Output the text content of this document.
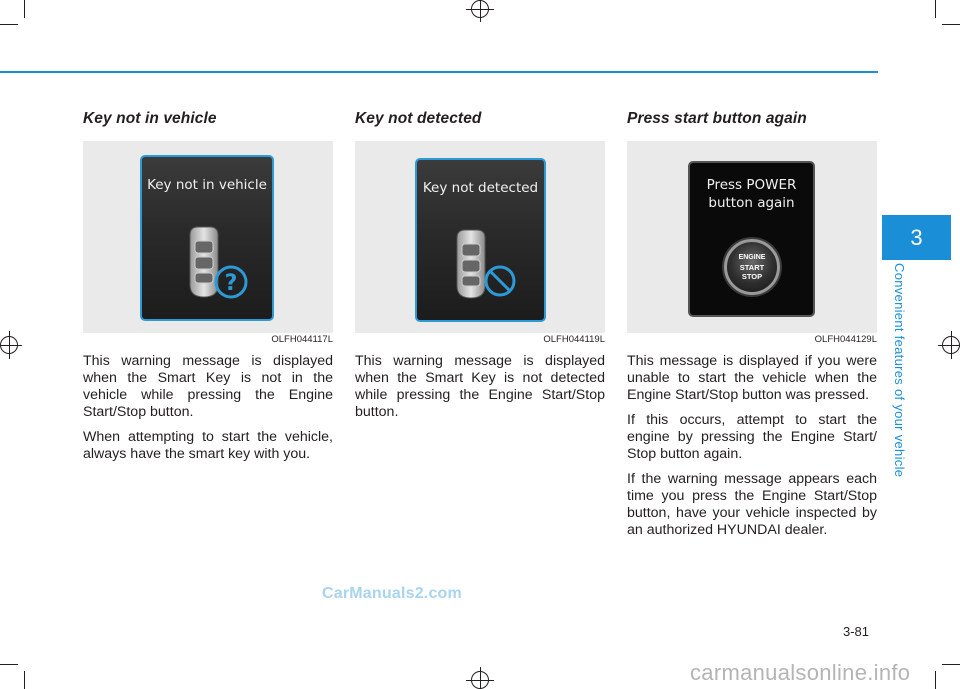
Key not in vehicle
Key not in vehicle
?
OLFH044117L

This warning message is displayed when the Smart Key is not in the vehicle while pressing the Engine Start/Stop button.

When attempting to start the vehicle, always have the smart key with you.

Key not detected
Key not detected
OLFH044119L

This warning message is displayed when the Smart Key is not detected while pressing the Engine Start/Stop button.

Press start button again
Press POWER
button again
ENGINE
START
STOP
OLFH044129L

This message is displayed if you were unable to start the vehicle when the Engine Start/Stop button was pressed.

If this occurs, attempt to start the engine by pressing the Engine Start/ Stop button again.

If the warning message appears each time you press the Engine Start/Stop button, have your vehicle inspected by an authorized HYUNDAI dealer.

3
Convenient features of your vehicle
3-81
CarManuals2.com
carmanualsonline.info
